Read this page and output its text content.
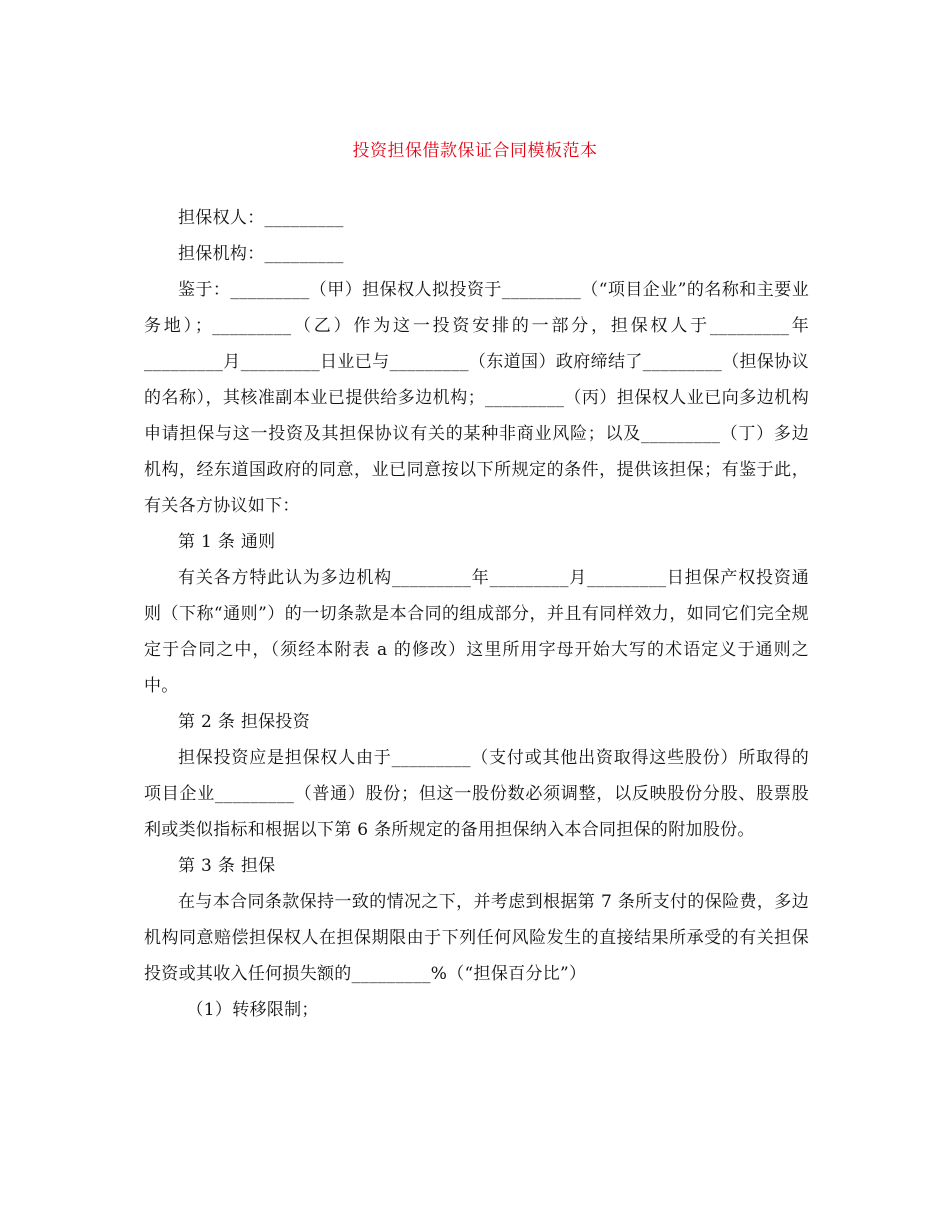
投资担保借款保证合同模板范本

担保权人：_________

担保机构：_________

鉴于：_________（甲）担保权人拟投资于_________（“项目企业”的名称和主要业务地）；_________（乙）作为这一投资安排的一部分，担保权人于_________年_________月_________日业已与_________（东道国）政府缔结了_________（担保协议的名称），其核准副本业已提供给多边机构；_________（丙）担保权人业已向多边机构申请担保与这一投资及其担保协议有关的某种非商业风险；以及_________（丁）多边机构，经东道国政府的同意，业已同意按以下所规定的条件，提供该担保；有鉴于此，有关各方协议如下：

第 1 条 通则

有关各方特此认为多边机构_________年_________月_________日担保产权投资通则（下称“通则”）的一切条款是本合同的组成部分，并且有同样效力，如同它们完全规定于合同之中，（须经本附表 a 的修改）这里所用字母开始大写的术语定义于通则之中。

第 2 条 担保投资

担保投资应是担保权人由于_________（支付或其他出资取得这些股份）所取得的项目企业_________（普通）股份；但这一股份数必须调整，以反映股份分股、股票股利或类似指标和根据以下第 6 条所规定的备用担保纳入本合同担保的附加股份。

第 3 条 担保

在与本合同条款保持一致的情况之下，并考虑到根据第 7 条所支付的保险费，多边机构同意赔偿担保权人在担保期限由于下列任何风险发生的直接结果所承受的有关担保投资或其收入任何损失额的_________%（“担保百分比”）

（1）转移限制；
